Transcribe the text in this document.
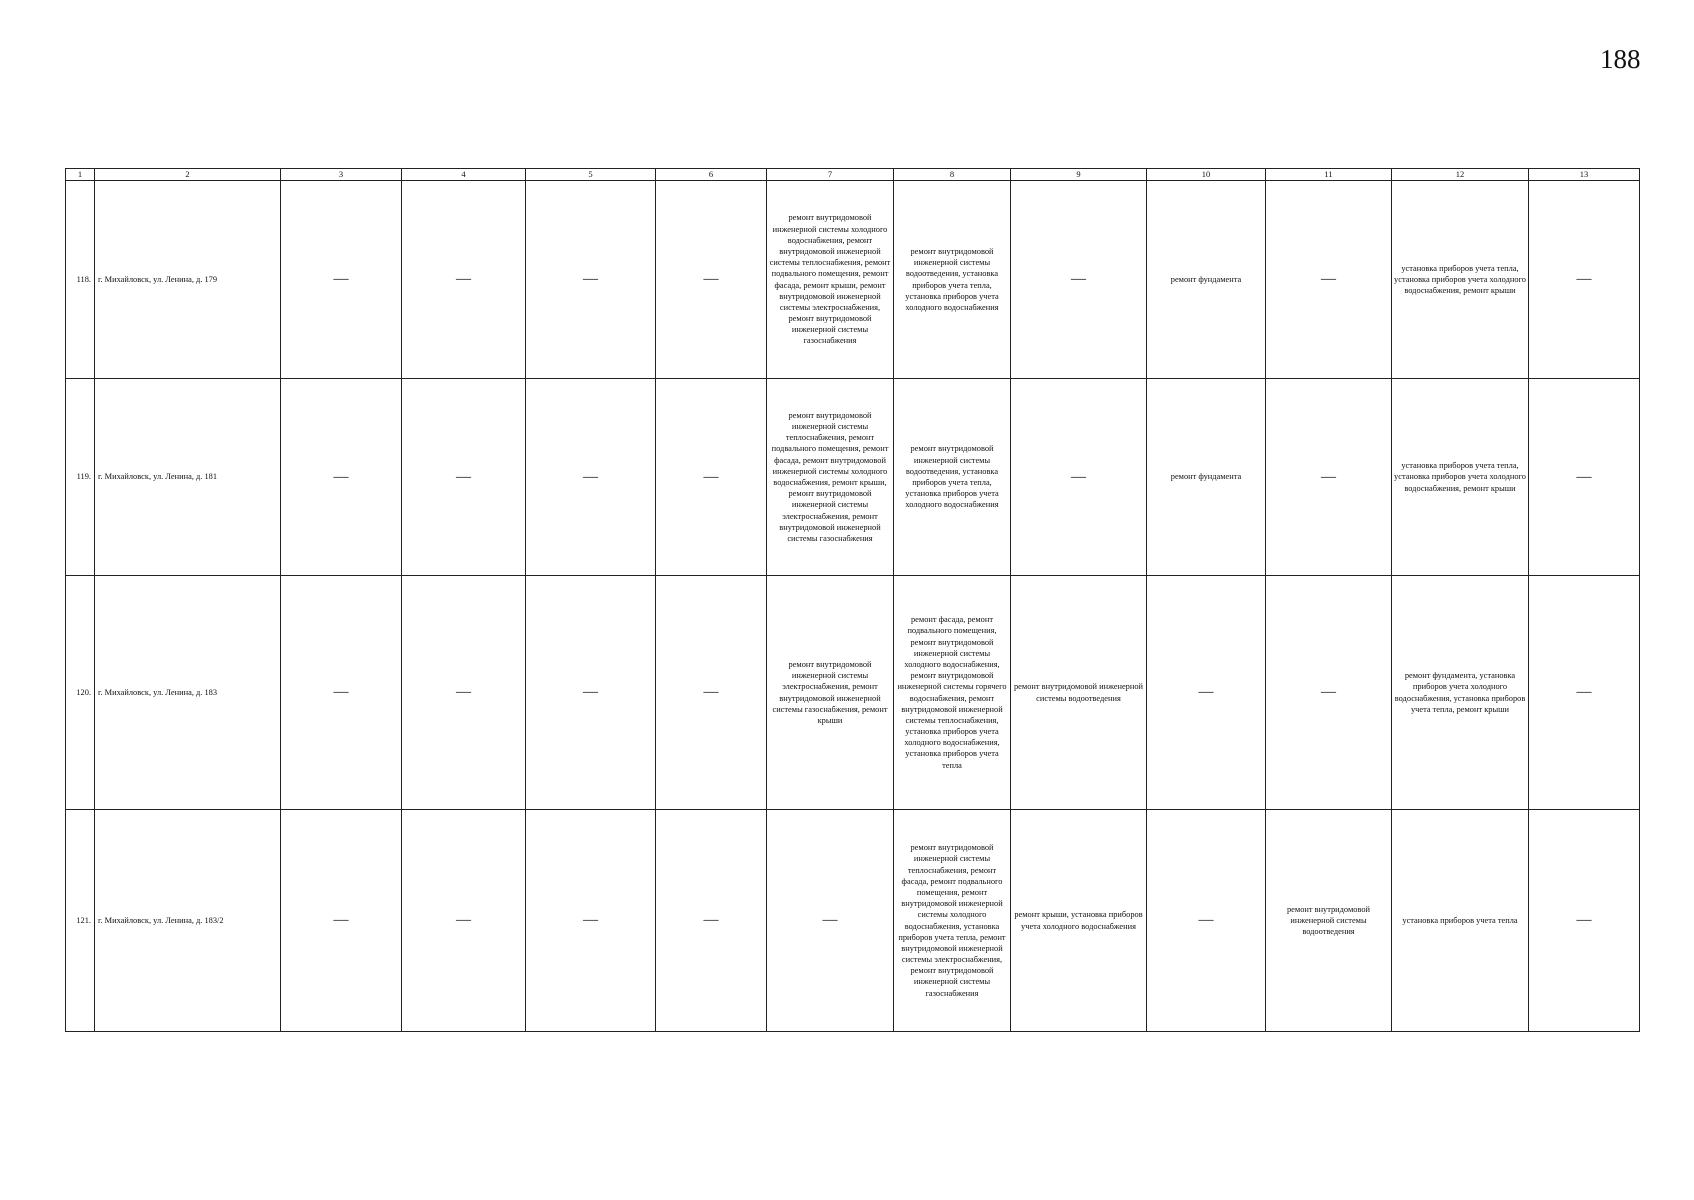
188
1	2	3	4	5	6	7	8	9	10	11	12	13
118.	г. Михайловск, ул. Ленина, д. 179	—	—	—	—	ремонт внутридомовой инженерной системы холодного водоснабжения, ремонт внутридомовой инженерной системы теплоснабжения, ремонт подвального помещения, ремонт фасада, ремонт крыши, ремонт внутридомовой инженерной системы электроснабжения, ремонт внутридомовой инженерной системы газоснабжения	ремонт внутридомовой инженерной системы водоотведения, установка приборов учета тепла, установка приборов учета холодного водоснабжения	—	ремонт фундамента	—	установка приборов учета тепла, установка приборов учета холодного водоснабжения, ремонт крыши	—
119.	г. Михайловск, ул. Ленина, д. 181	—	—	—	—	ремонт внутридомовой инженерной системы теплоснабжения, ремонт подвального помещения, ремонт фасада, ремонт внутридомовой инженерной системы холодного водоснабжения, ремонт крыши, ремонт внутридомовой инженерной системы электроснабжения, ремонт внутридомовой инженерной системы газоснабжения	ремонт внутридомовой инженерной системы водоотведения, установка приборов учета тепла, установка приборов учета холодного водоснабжения	—	ремонт фундамента	—	установка приборов учета тепла, установка приборов учета холодного водоснабжения, ремонт крыши	—
120.	г. Михайловск, ул. Ленина, д. 183	—	—	—	—	ремонт внутридомовой инженерной системы электроснабжения, ремонт внутридомовой инженерной системы газоснабжения, ремонт крыши	ремонт фасада, ремонт подвального помещения, ремонт внутридомовой инженерной системы холодного водоснабжения, ремонт внутридомовой инженерной системы горячего водоснабжения, ремонт внутридомовой инженерной системы теплоснабжения, установка приборов учета холодного водоснабжения, установка приборов учета тепла	ремонт внутридомовой инженерной системы водоотведения	—	—	ремонт фундамента, установка приборов учета холодного водоснабжения, установка приборов учета тепла, ремонт крыши	—
121.	г. Михайловск, ул. Ленина, д. 183/2	—	—	—	—	—	ремонт внутридомовой инженерной системы теплоснабжения, ремонт фасада, ремонт подвального помещения, ремонт внутридомовой инженерной системы холодного водоснабжения, установка приборов учета тепла, ремонт внутридомовой инженерной системы электроснабжения, ремонт внутридомовой инженерной системы газоснабжения	ремонт крыши, установка приборов учета холодного водоснабжения	—	ремонт внутридомовой инженерной системы водоотведения	установка приборов учета тепла	—
